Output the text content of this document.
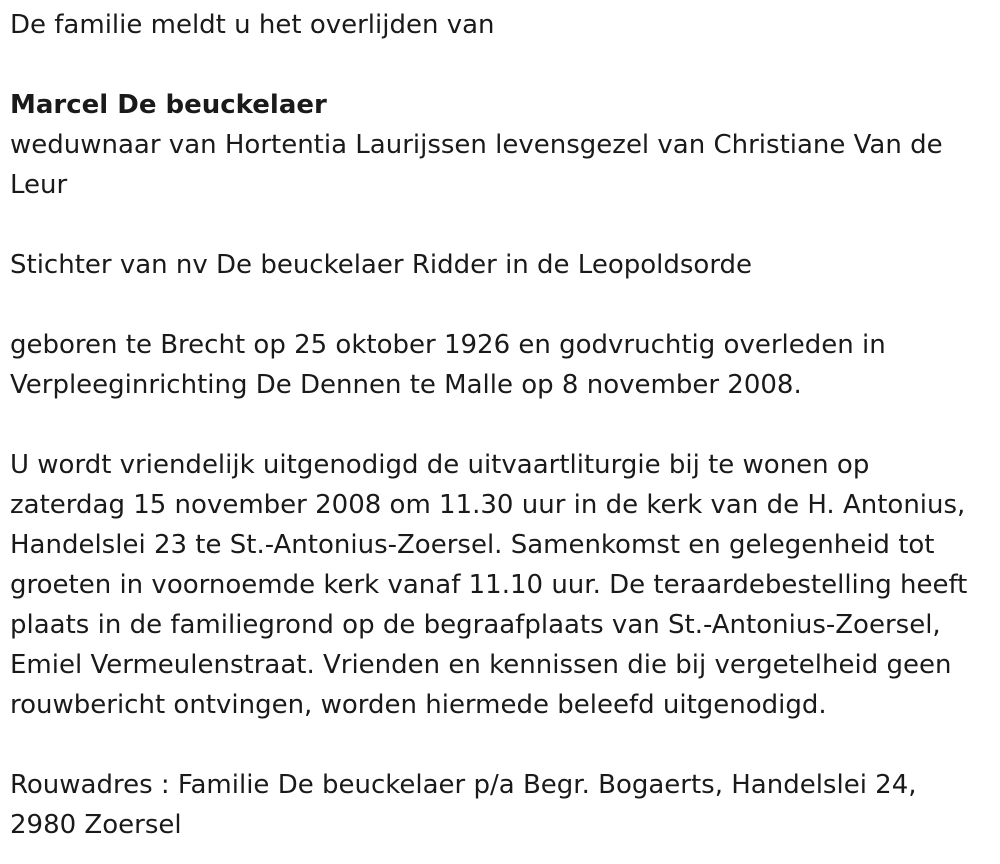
De familie meldt u het overlijden van

Marcel De beuckelaer

weduwnaar van Hortentia Laurijssen levensgezel van Christiane Van de

Leur

Stichter van nv De beuckelaer Ridder in de Leopoldsorde

geboren te Brecht op 25 oktober 1926 en godvruchtig overleden in

Verpleeginrichting De Dennen te Malle op 8 november 2008.

U wordt vriendelijk uitgenodigd de uitvaartliturgie bij te wonen op

zaterdag 15 november 2008 om 11.30 uur in de kerk van de H. Antonius,

Handelslei 23 te St.-Antonius-Zoersel. Samenkomst en gelegenheid tot

groeten in voornoemde kerk vanaf 11.10 uur. De teraardebestelling heeft

plaats in de familiegrond op de begraafplaats van St.-Antonius-Zoersel,

Emiel Vermeulenstraat. Vrienden en kennissen die bij vergetelheid geen

rouwbericht ontvingen, worden hiermede beleefd uitgenodigd.

Rouwadres : Familie De beuckelaer p/a Begr. Bogaerts, Handelslei 24,

2980 Zoersel
